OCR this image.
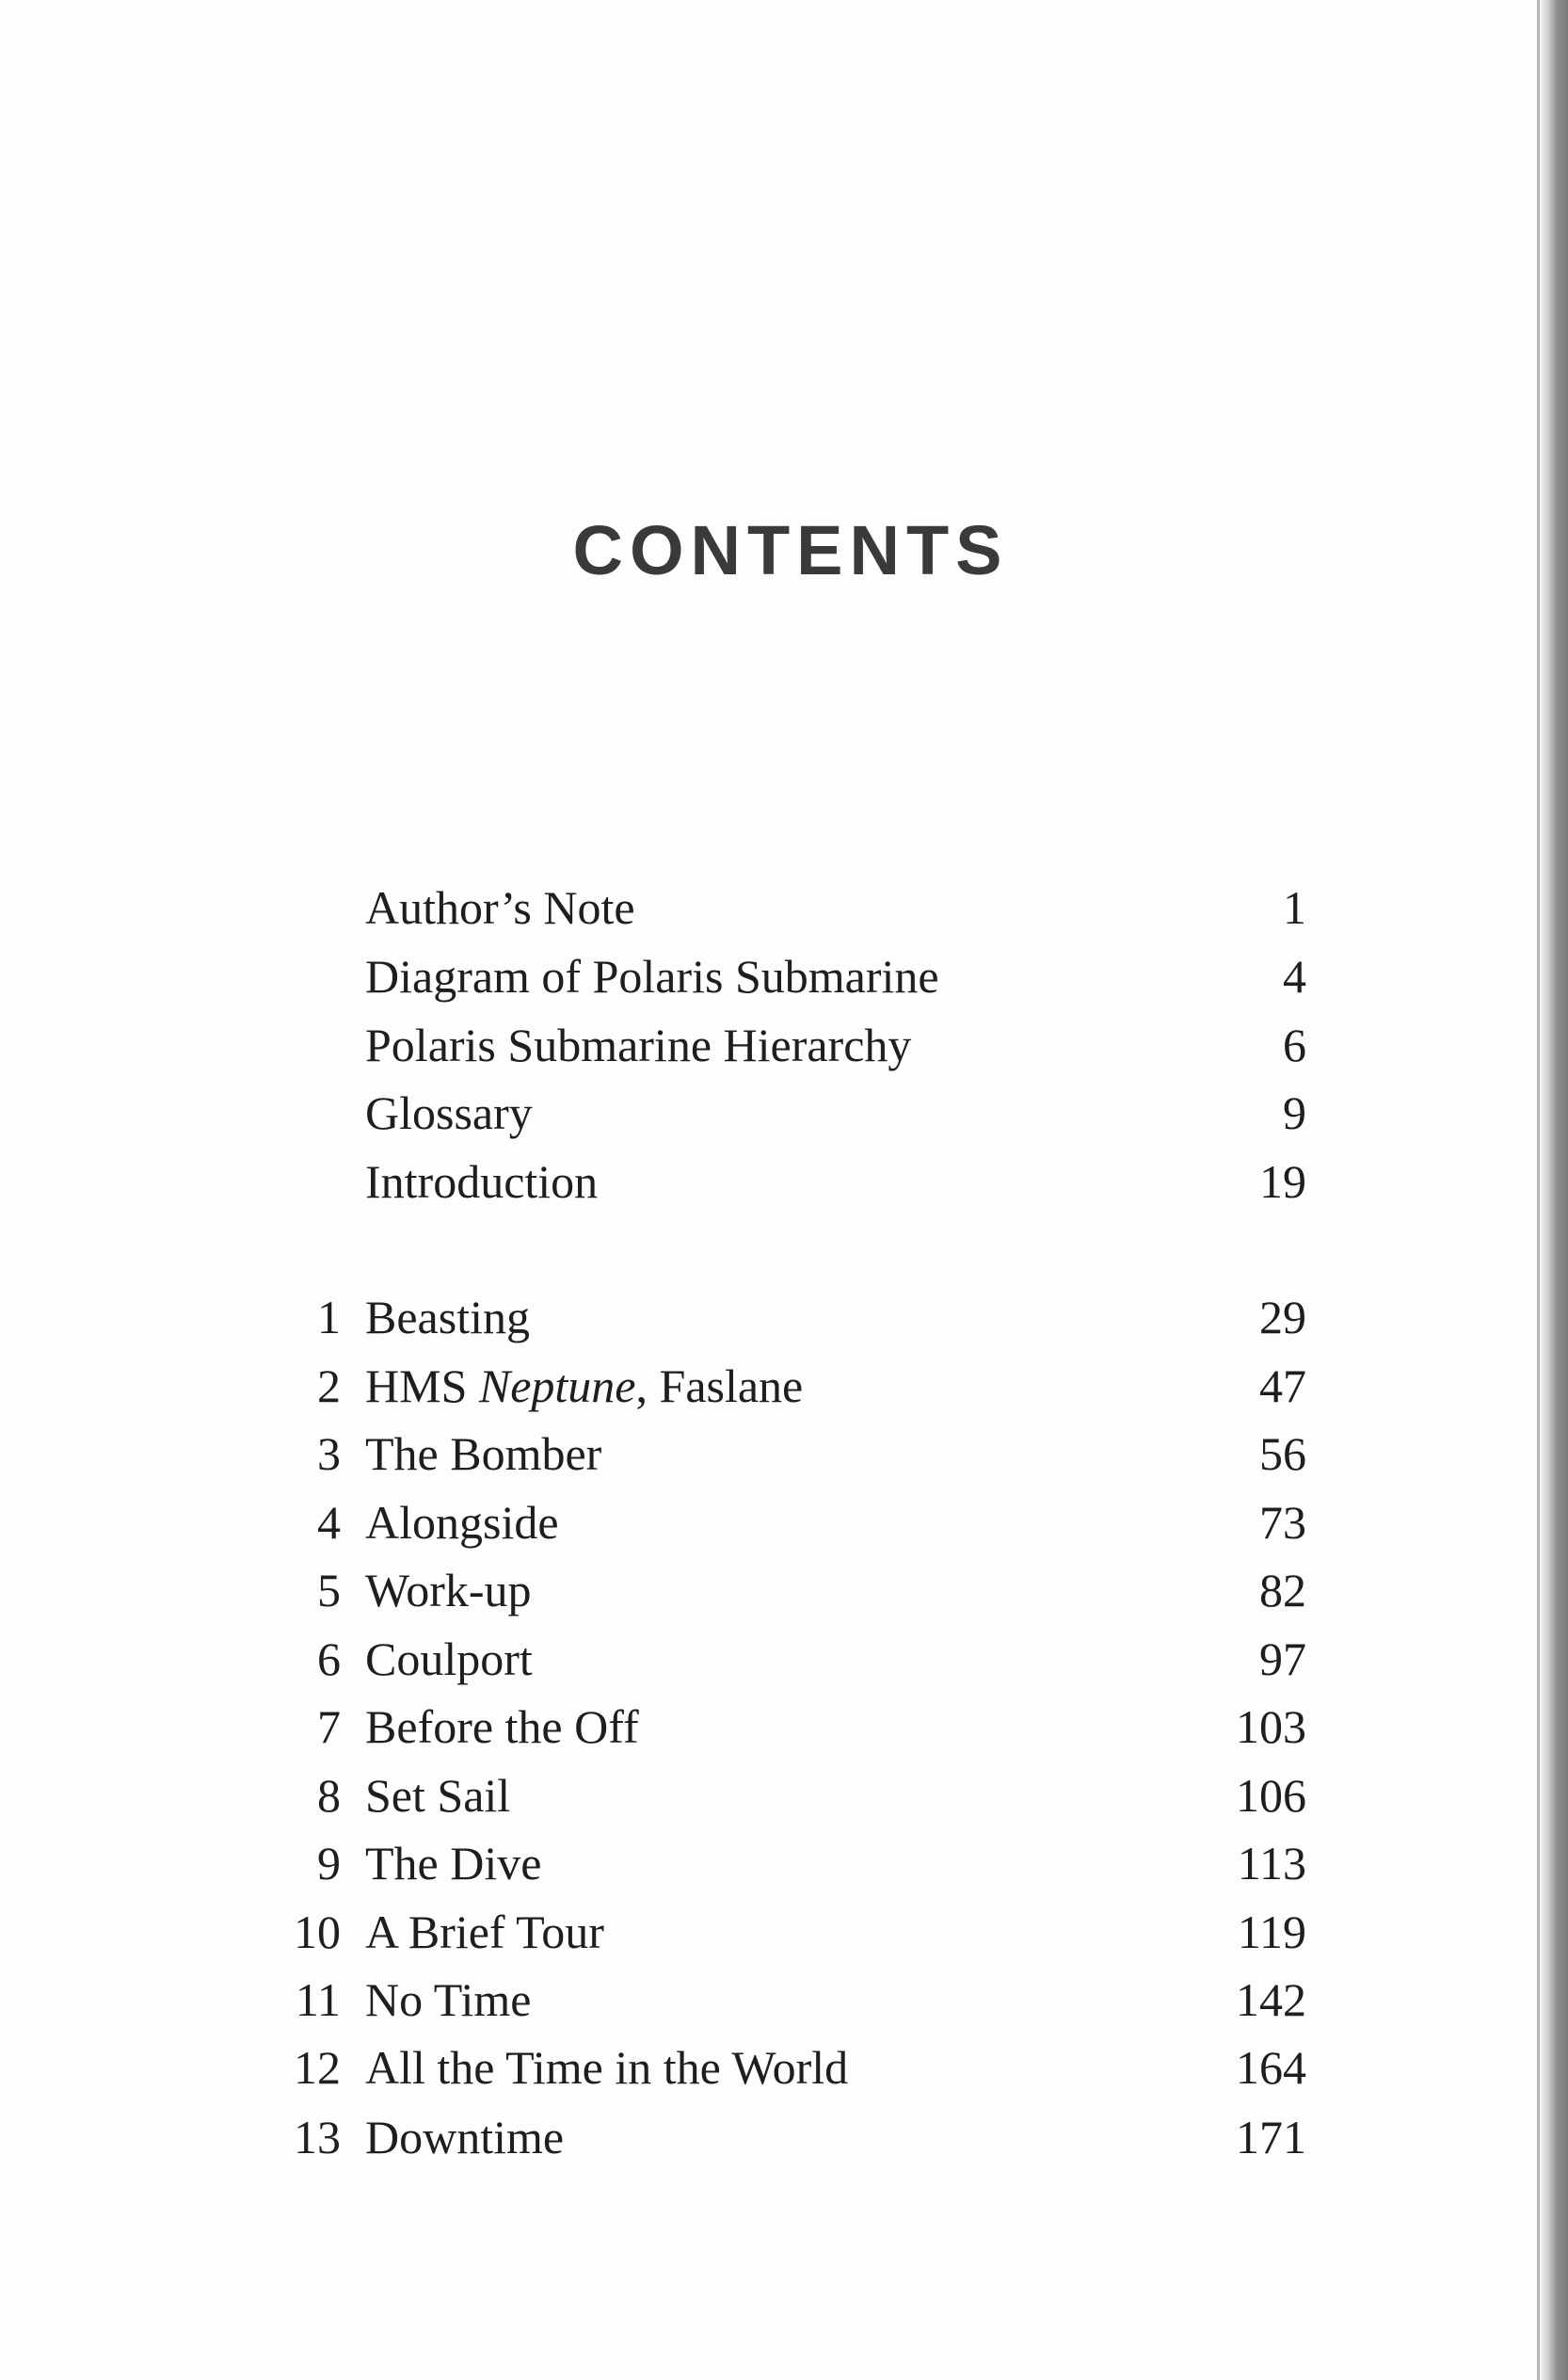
CONTENTS
Author’s Note	1
Diagram of Polaris Submarine	4
Polaris Submarine Hierarchy	6
Glossary	9
Introduction	19
1 Beasting	29
2 HMS Neptune, Faslane	47
3 The Bomber	56
4 Alongside	73
5 Work-up	82
6 Coulport	97
7 Before the Off	103
8 Set Sail	106
9 The Dive	113
10 A Brief Tour	119
11 No Time	142
12 All the Time in the World	164
13 Downtime	171
